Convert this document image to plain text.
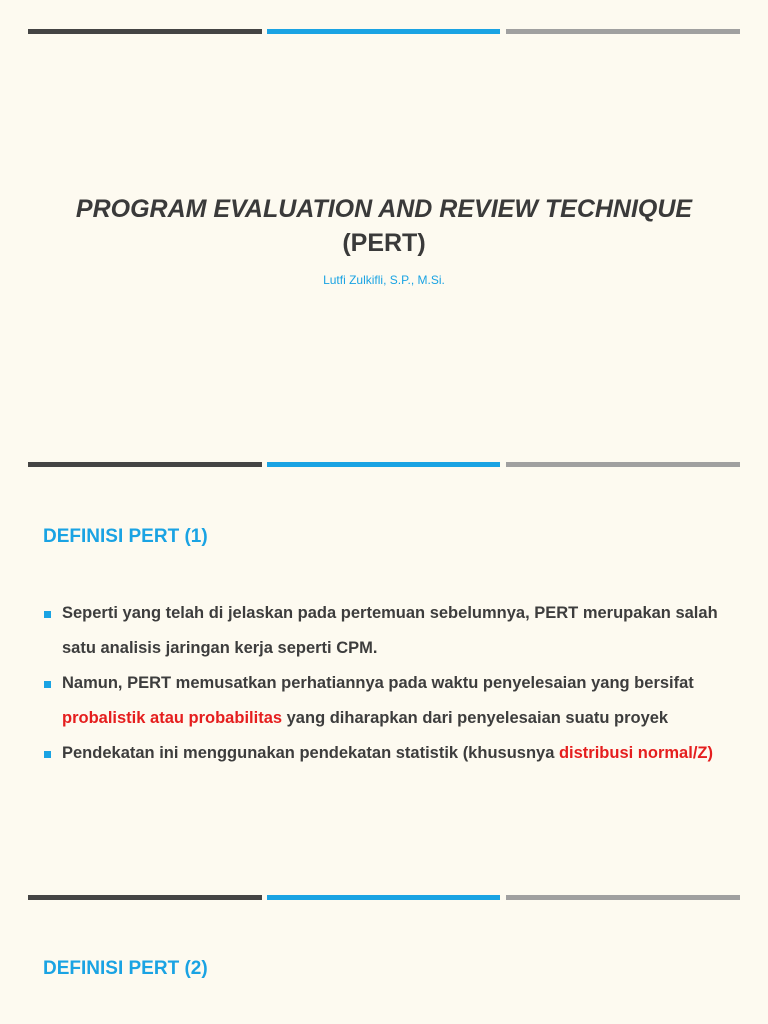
PROGRAM EVALUATION AND REVIEW TECHNIQUE
(PERT)
Lutfi Zulkifli, S.P., M.Si.
DEFINISI PERT (1)
Seperti yang telah di jelaskan pada pertemuan sebelumnya, PERT merupakan salah
satu analisis jaringan kerja seperti CPM.
Namun, PERT memusatkan perhatiannya pada waktu penyelesaian yang bersifat
probalistik atau probabilitas yang diharapkan dari penyelesaian suatu proyek
Pendekatan ini menggunakan pendekatan statistik (khususnya distribusi normal/Z)
DEFINISI PERT (2)
